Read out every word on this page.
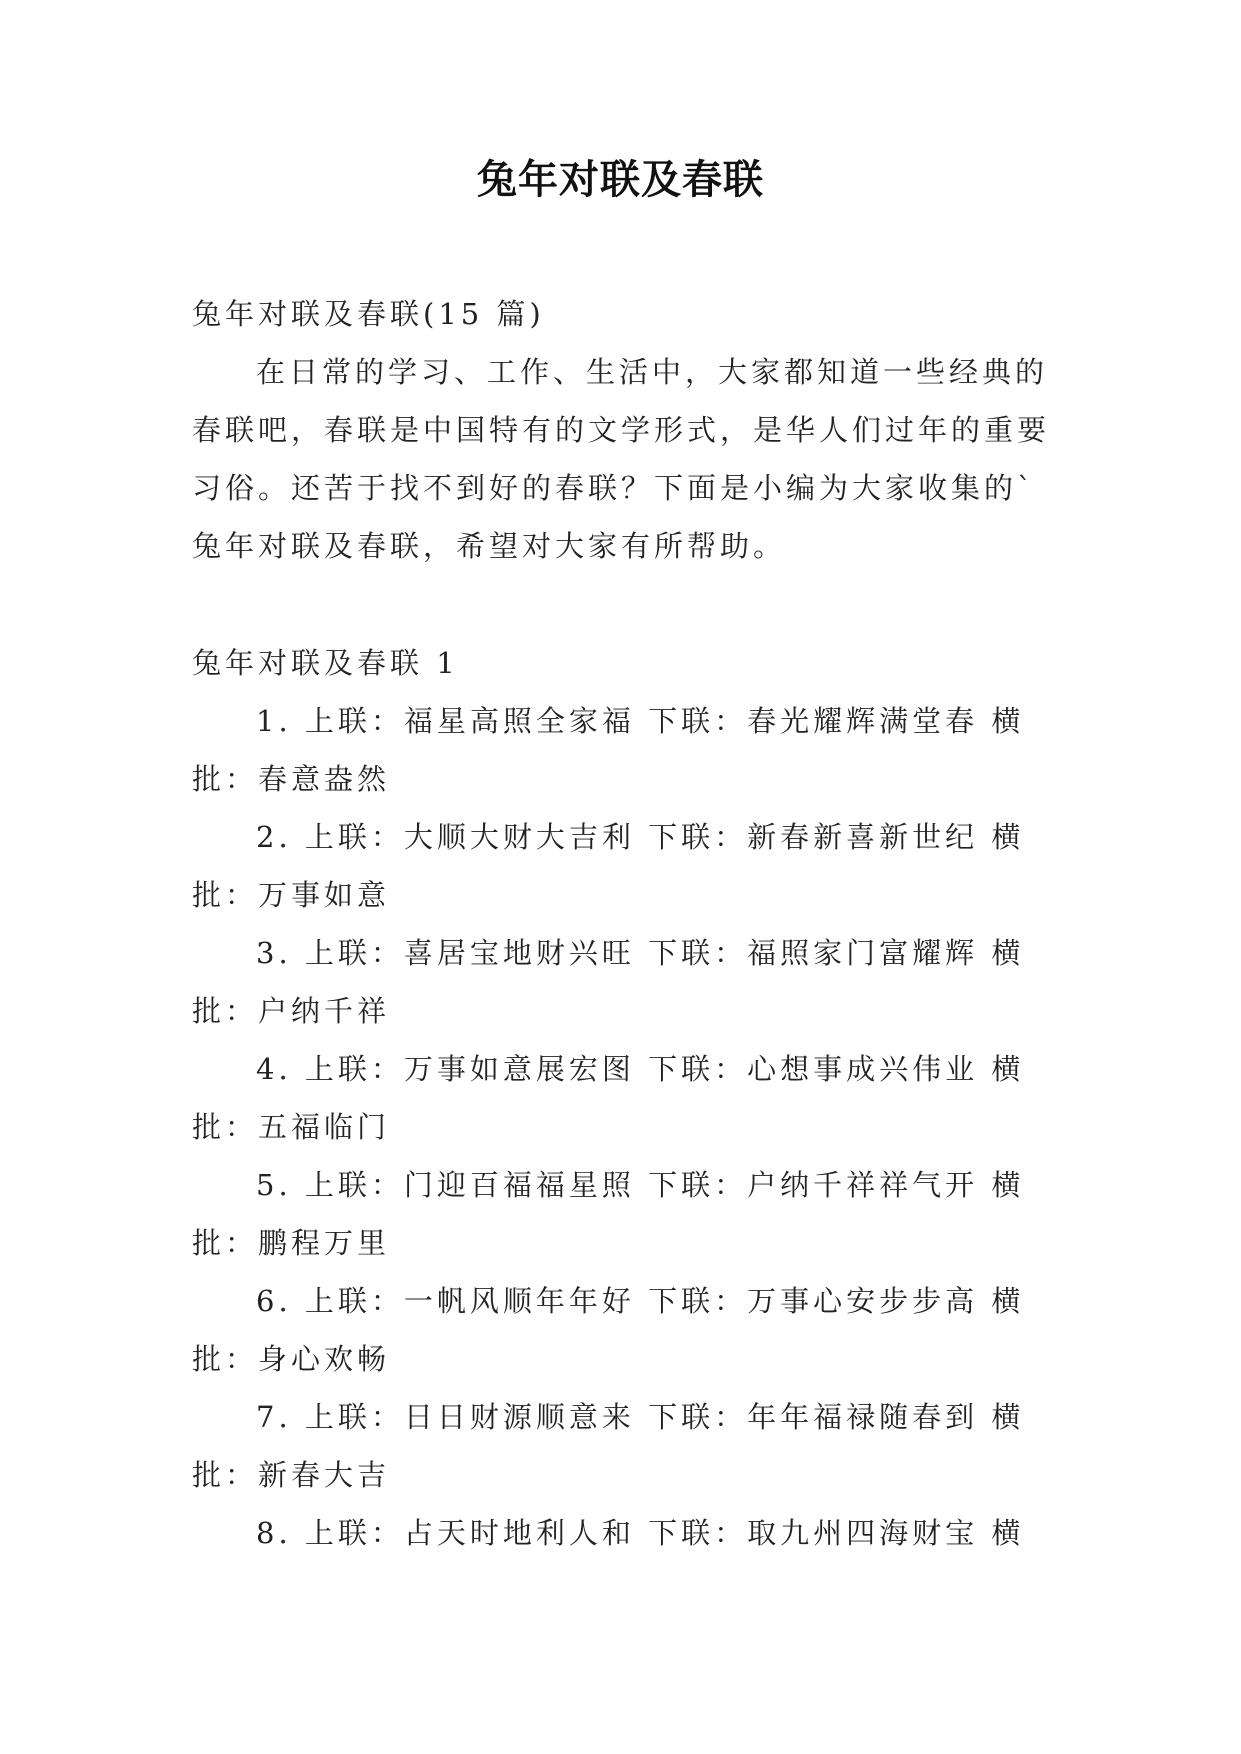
兔年对联及春联
兔年对联及春联(15 篇)
在日常的学习、工作、生活中，大家都知道一些经典的春联吧，春联是中国特有的文学形式，是华人们过年的重要习俗。还苦于找不到好的春联？下面是小编为大家收集的`兔年对联及春联，希望对大家有所帮助。
兔年对联及春联 1

1. 上联：福星高照全家福 下联：春光耀辉满堂春 横批：春意盎然

2. 上联：大顺大财大吉利 下联：新春新喜新世纪 横批：万事如意

3. 上联：喜居宝地财兴旺 下联：福照家门富耀辉 横批：户纳千祥

4. 上联：万事如意展宏图 下联：心想事成兴伟业 横批：五福临门

5. 上联：门迎百福福星照 下联：户纳千祥祥气开 横批：鹏程万里

6. 上联：一帆风顺年年好 下联：万事心安步步高 横批：身心欢畅

7. 上联：日日财源顺意来 下联：年年福禄随春到 横批：新春大吉

8. 上联：占天时地利人和 下联：取九州四海财宝 横
